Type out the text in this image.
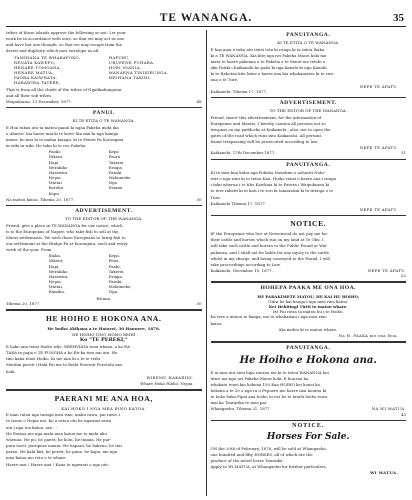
TE WANANGA.	35
tribes of those islands approve the following or not. Let your
work be in accordance with ours, so that we may act as one
and have but one thought, so that we may escape from the
deceit and duplicity which now envelope us all.
TAMIHANA TE WHAKAPOKO,	HAPUKU,
RENATA KAWEPO,	URUPENE PUHARA,
HENARE TOMOANA,	HORI NIANIA,
HENARE MATUA,	MANAENA TINIKIRUNGA,
PAORA KAIWHATA,	MEIHANA TAKIHI,
HARAWIRA TATERE,
That is from all the chiefs of the tribes of Ngatikahungunu
and all their sub-tribes.
Waipukurau, 13 December, 1877.	48
PANUI.
KI TE ETITA O TE WANANGA.
E Hoa tukua atu ta matou panui ki ngaa Pakeha mohi ika
o Ahuriri, kia haere mai ki te kowe Ika mai ki nga kainga
maori, ko mai ki te mahia kainga, ki te Peneti Pa Korongata
in wiki in wiki. He tuku ki to roo Pakeha.
Paoko	Kepa
Nikora	Paora
Hapi	Takerei
Werahiko	Eriapa
Harawira	Paraki
Nepia	Mokomeke
Mattai	Nga
Roreha	Estana
Kopu
Na matou katoa. Tihema 20, 1877.	50
ADVERTISEMENT.
TO THE EDITOR OF THE WANANGA.
Friend, give a place in TE WANANGA for our notice, which
is to the Europeans of Napier, who take fish to sell at the
Maori settlements. We wish those Europeans to bring fish to
our settlement at the Bridge Pa at Korongata, each and every
week of the year. From
Ihaka,	Kepa,
Nikora,	Pene,
Hapi,	Paahi,
Werahiko,	Takerei,
Harawira,	Eriapa,
Nepia,	Paraki,
Mattai,	Mokomeke,
Ramiha,	Nga,
Estana.
Tihema 20, 1877.	50
HE HOIHO E HOKONA ANA.
He hoiho Akihana a te Hatarei, 30 Hanuere, 1878.
HE HOIHO TINO MOMO REIHI
Ko "TE PEREKI,"
E hoko ana tenei Hoiho whe, EREHVIATA tona whaea, a ko EA-
TARA te papa o TE PUNGHA a ko Eti-ka tino nui atu. He
tino kaha tenei Hoiho. Ki tae ana ki o te te reihi
Meiitini pereti i Haki Pei me te Reihi Porereti Porecehi ano
hoki.
WIREMU HAKARINI.
Whare Hoko Hoiho, Nepia.
PAERANI ME ANA HOA,
KAI HOKO I NGA MEA RINO KATOA.
E mau ratou nga taonga mea rino, mahu rawa, pai rawa, i
te taone o Nepia nei. Ko a raton utu he ngawari rawa
atu i nga toa katoa, ara : -
He Paraoa me nga mahi mea katoa mo te mahi ahu
whenua. He po, he paera, he kota, he tinana. He pur-
pura tosei, purupura maara. He hapara, he hakeno, he tini
parau. He kahi kiri, he pereti, he pune, he kapu, me nga
mea katoa mo roto o te whare.
Haere mai ! Haere mai ! Kaua te ngawari o nga utu.
PANUITANGA.
KI TE ETITA O TE WANANGA.
E hoa mau e tuku atu tenei tota ki runga ki ta tatou Waka
ki a TE WANANGA. Kia kite nga iwi Pakeha Maori hoki mo
mata te haere pakeaua a te Pakeha a te Maori me tetehi o
aku Patiki i Kaikanohi ko paka ki nga kanohi ki nga Kanohi
ki te Rahotau kite kitea e haere ana kia whakamatea ki te riro-
nua o te Ture.
NEPE TE APATU.
Kaikanohi, Tihema 17, 1877.
ADVERTISEMENT.
TO THE EDITOR OF THE WANANGA.
Friend, Insert this advertisement, for the information of
Europeans and Maoris. I hereby caution all persons not to
trespass on my paddocks at Kaikanohi ; also, not to open the
gates of the road which runs into Kaikanohi. All persons
found trespassing will be prosecuted according to law.
NEPE TE APATU.
Kaikanohi, 17th December 1877.	51
PANUITANGA.
KI te mea kua kuhu nga Pokoha Nonohini o nohoriti Nohi-
wiri o nga wini ki to tatou Kau, Hoiho ranei e haere ana i runga
i taku wherua i to tiho Kawhiaa ki te Parera i Waipukurau ki
te tere raheiti ki te kati i te rori ki tamaratiia ki te titenga o te
Ture.
Kaikanohi Tihema 17, 1877.
NEPE TE APATU.
NOTICE.
IF the Europeans who live at Norsewood do not pay me for
their cattle and horses which run on my land at Te Ohu, I
will take such cattle and horses to the Public Pound at Wai-
pukurau, and I shall not be liable for any injury to the cattle
whilst in my charge, and being conveyed to the Pound, I will
take proceedings according to Law.
Kaikanohi, December 10, 1877.	NEPE TE APATU.
52
HOHEPA PAAKA ME ONA HOA.
HE PARAKIMETE MATOU, HE KAI HU HOIHO,
Otira he kai hanga i nga mea rino katoa.
Kei Hehitingi Tiriti to matou whare.
He Pai rawa ta matou hu i te Hoiho.
Ka tere a matou te hanga, me te whakamau i nga mea rino
katoa.
Kia mohio ki te matou whare.
Na H. PAAKA me ona Hoa.
PANUITANGA.
He Hoiho e Hokona ana.
E ai mea atu enei hipo raurau nei ki te tatou WANANGA hei
titiro ma nga iwi Pakeha Maori hoki. E hoa ma ka
whakatu tenei kia hokona 150 Kua HOIHO kei konei ka
hokona a te 20 o nga ra o Pepuere me haere mai koutou ki
te hoko hako Pipai ana hoiho tu nei he te tatahi hoiho rawa
mai ka Taurarika te mea pai.
Whangaehu, Tihema 21, 1877.	NA WI MATUA.
45
NOTICE.
Horses For Sale.
ON the 20th of February, 1878, will be sold at Whangaehu,
one hundred and fifty HORSES, all of which are the
produce of the noted horse Tauraika.
Apply to Wi MATUA, at Whangaehu for further particulars.
WI MATUA.
